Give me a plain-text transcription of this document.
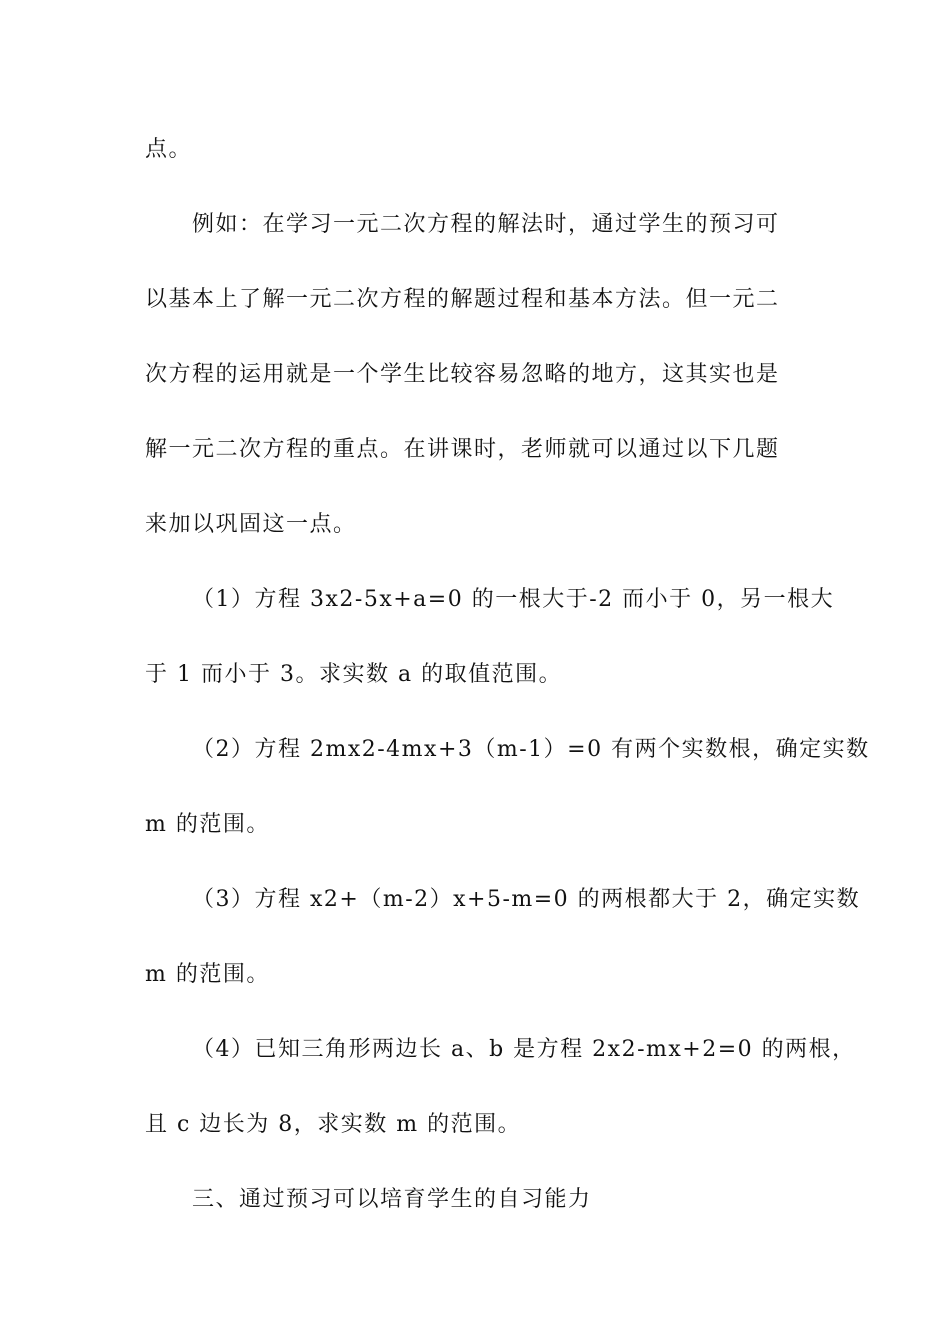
点。
例如：在学习一元二次方程的解法时，通过学生的预习可
以基本上了解一元二次方程的解题过程和基本方法。但一元二
次方程的运用就是一个学生比较容易忽略的地方，这其实也是
解一元二次方程的重点。在讲课时，老师就可以通过以下几题
来加以巩固这一点。
（1）方程 3x2-5x+a=0 的一根大于-2 而小于 0，另一根大
于 1 而小于 3。求实数 a 的取值范围。
（2）方程 2mx2-4mx+3（m-1）=0 有两个实数根，确定实数
m 的范围。
（3）方程 x2+（m-2）x+5-m=0 的两根都大于 2，确定实数
m 的范围。
（4）已知三角形两边长 a、b 是方程 2x2-mx+2=0 的两根，
且 c 边长为 8，求实数 m 的范围。
三、通过预习可以培育学生的自习能力
